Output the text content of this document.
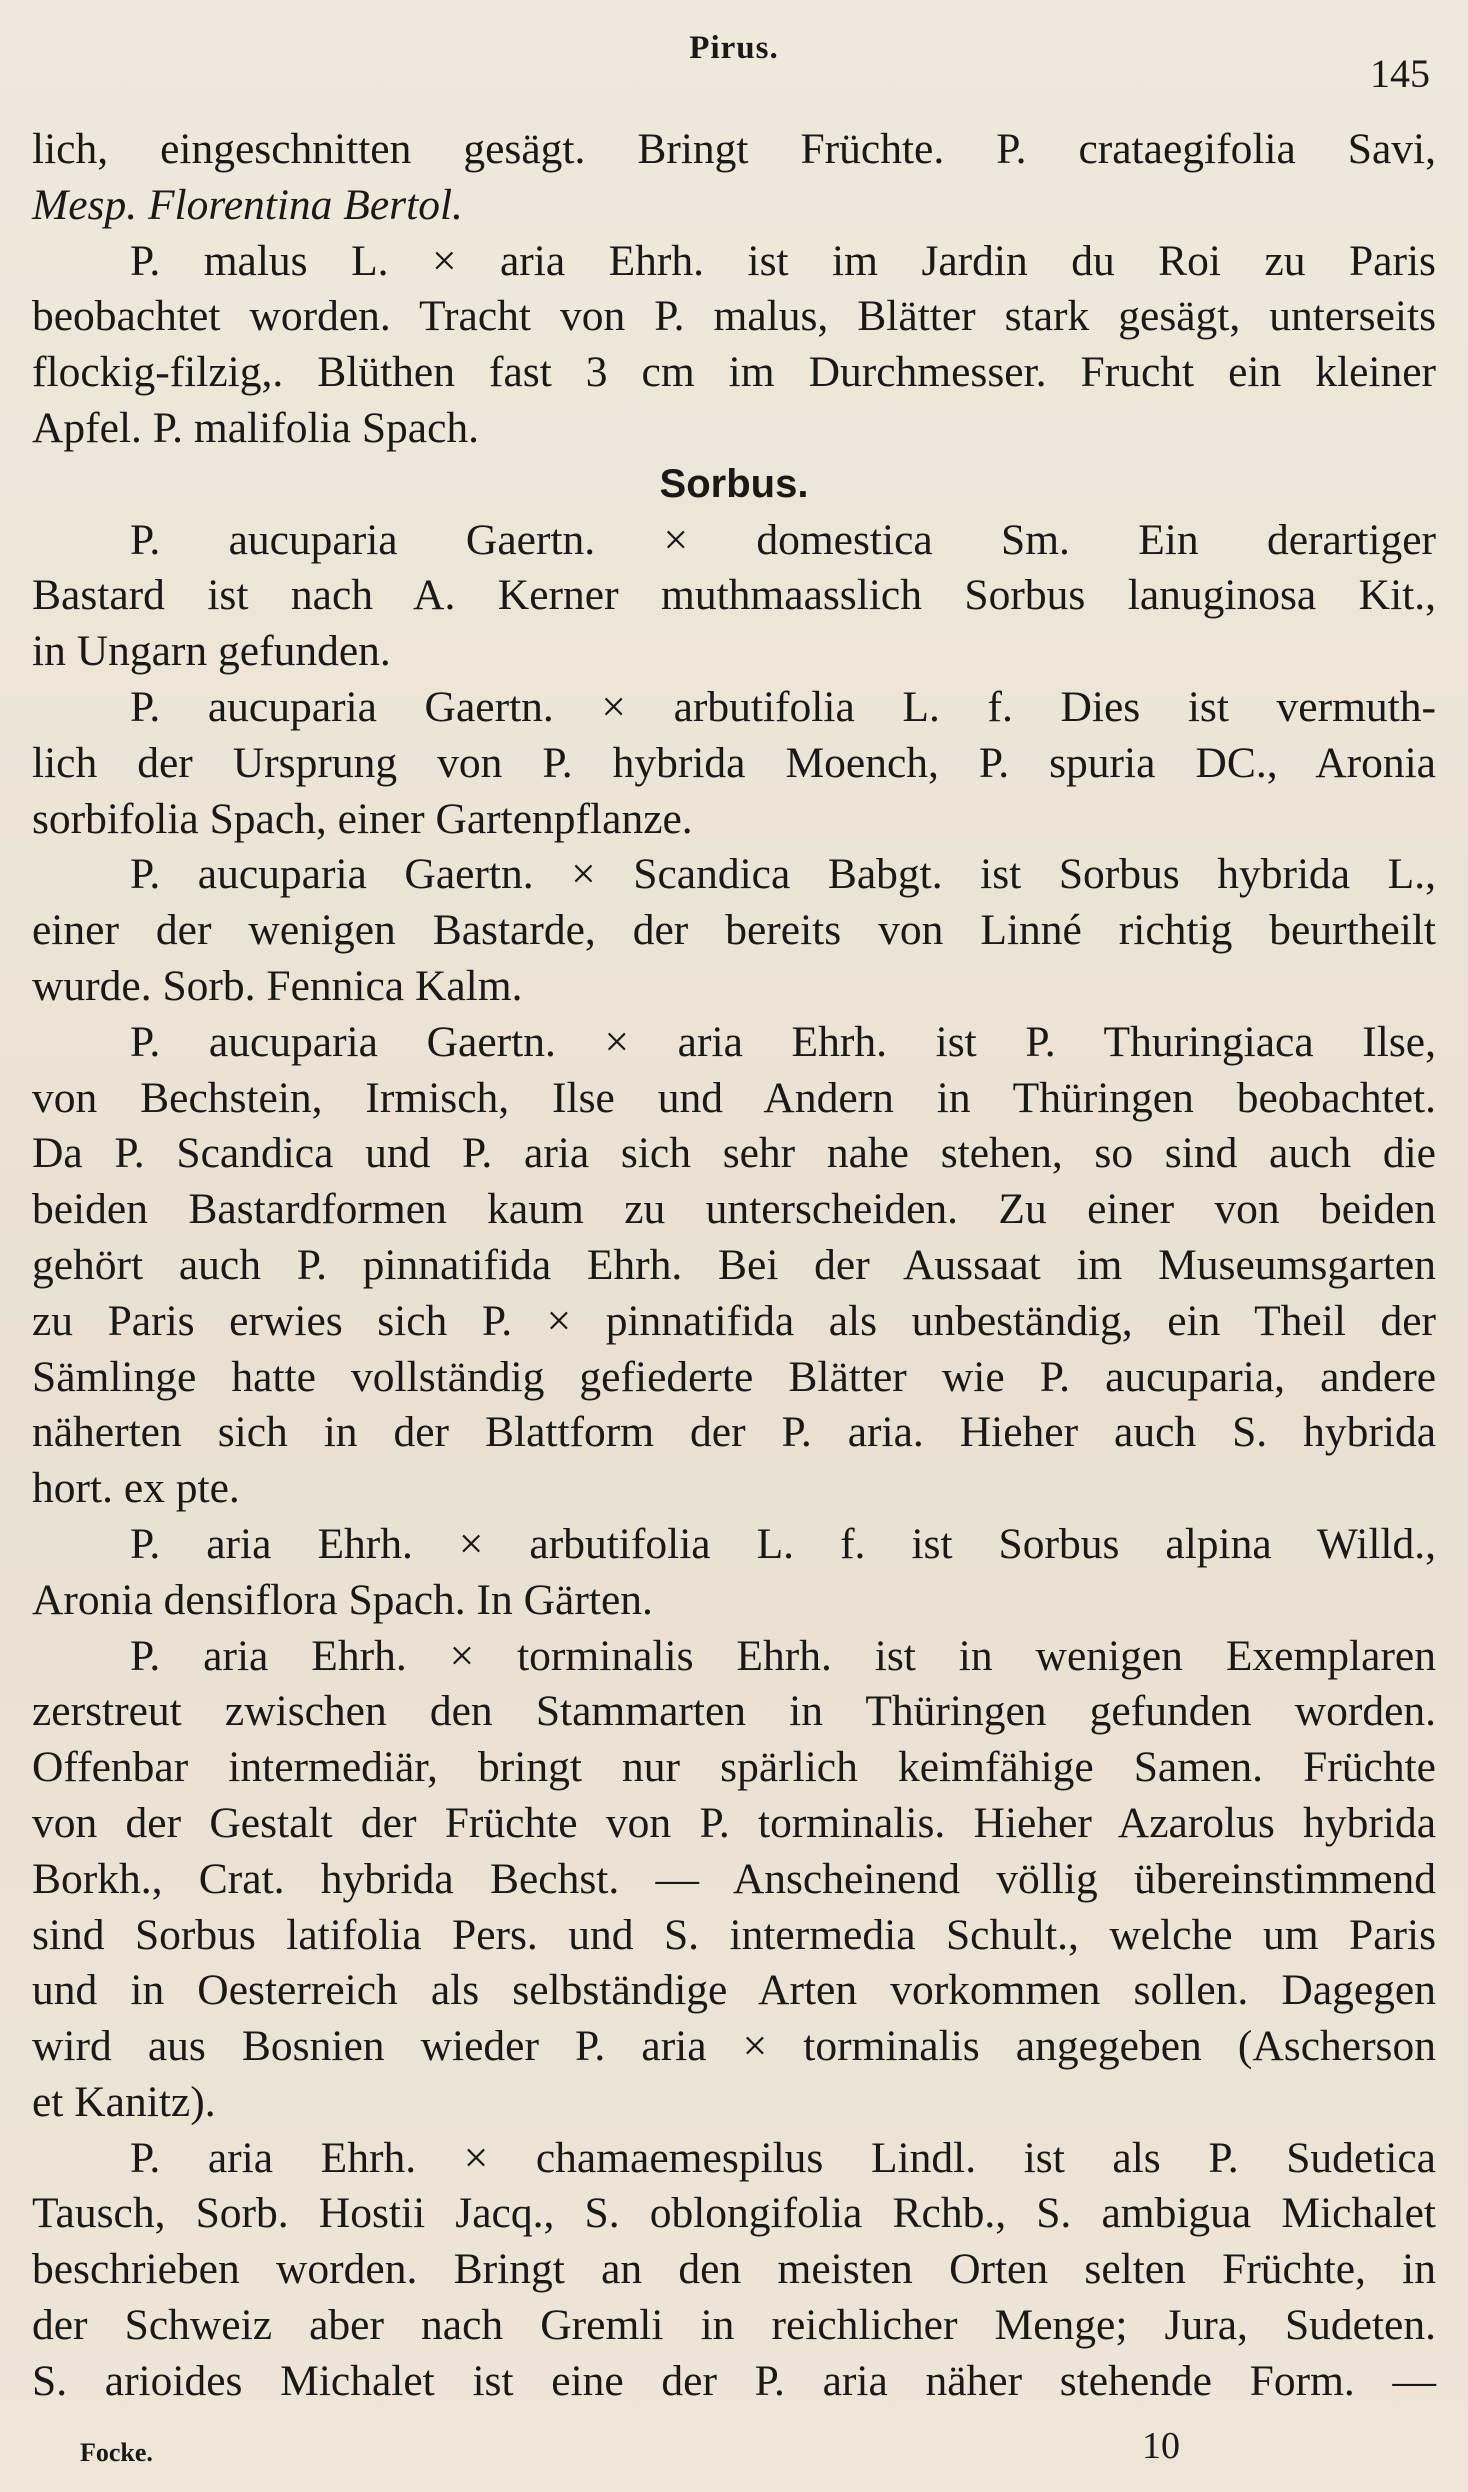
Pirus.
145
lich, eingeschnitten gesägt. Bringt Früchte. P. crataegifolia Savi,
Mesp. Florentina Bertol.
P. malus L. × aria Ehrh. ist im Jardin du Roi zu Paris
beobachtet worden. Tracht von P. malus, Blätter stark gesägt, unterseits
flockig-filzig,. Blüthen fast 3 cm im Durchmesser. Frucht ein kleiner
Apfel. P. malifolia Spach.
Sorbus.
P. aucuparia Gaertn. × domestica Sm. Ein derartiger
Bastard ist nach A. Kerner muthmaasslich Sorbus lanuginosa Kit.,
in Ungarn gefunden.
P. aucuparia Gaertn. × arbutifolia L. f. Dies ist vermuth-
lich der Ursprung von P. hybrida Moench, P. spuria DC., Aronia
sorbifolia Spach, einer Gartenpflanze.
P. aucuparia Gaertn. × Scandica Babgt. ist Sorbus hybrida L.,
einer der wenigen Bastarde, der bereits von Linné richtig beurtheilt
wurde. Sorb. Fennica Kalm.
P. aucuparia Gaertn. × aria Ehrh. ist P. Thuringiaca Ilse,
von Bechstein, Irmisch, Ilse und Andern in Thüringen beobachtet.
Da P. Scandica und P. aria sich sehr nahe stehen, so sind auch die
beiden Bastardformen kaum zu unterscheiden. Zu einer von beiden
gehört auch P. pinnatifida Ehrh. Bei der Aussaat im Museumsgarten
zu Paris erwies sich P. × pinnatifida als unbeständig, ein Theil der
Sämlinge hatte vollständig gefiederte Blätter wie P. aucuparia, andere
näherten sich in der Blattform der P. aria. Hieher auch S. hybrida
hort. ex pte.
P. aria Ehrh. × arbutifolia L. f. ist Sorbus alpina Willd.,
Aronia densiflora Spach. In Gärten.
P. aria Ehrh. × torminalis Ehrh. ist in wenigen Exemplaren
zerstreut zwischen den Stammarten in Thüringen gefunden worden.
Offenbar intermediär, bringt nur spärlich keimfähige Samen. Früchte
von der Gestalt der Früchte von P. torminalis. Hieher Azarolus hybrida
Borkh., Crat. hybrida Bechst. — Anscheinend völlig übereinstimmend
sind Sorbus latifolia Pers. und S. intermedia Schult., welche um Paris
und in Oesterreich als selbständige Arten vorkommen sollen. Dagegen
wird aus Bosnien wieder P. aria × torminalis angegeben (Ascherson
et Kanitz).
P. aria Ehrh. × chamaemespilus Lindl. ist als P. Sudetica
Tausch, Sorb. Hostii Jacq., S. oblongifolia Rchb., S. ambigua Michalet
beschrieben worden. Bringt an den meisten Orten selten Früchte, in
der Schweiz aber nach Gremli in reichlicher Menge; Jura, Sudeten.
S. arioides Michalet ist eine der P. aria näher stehende Form. —
Focke.	10
